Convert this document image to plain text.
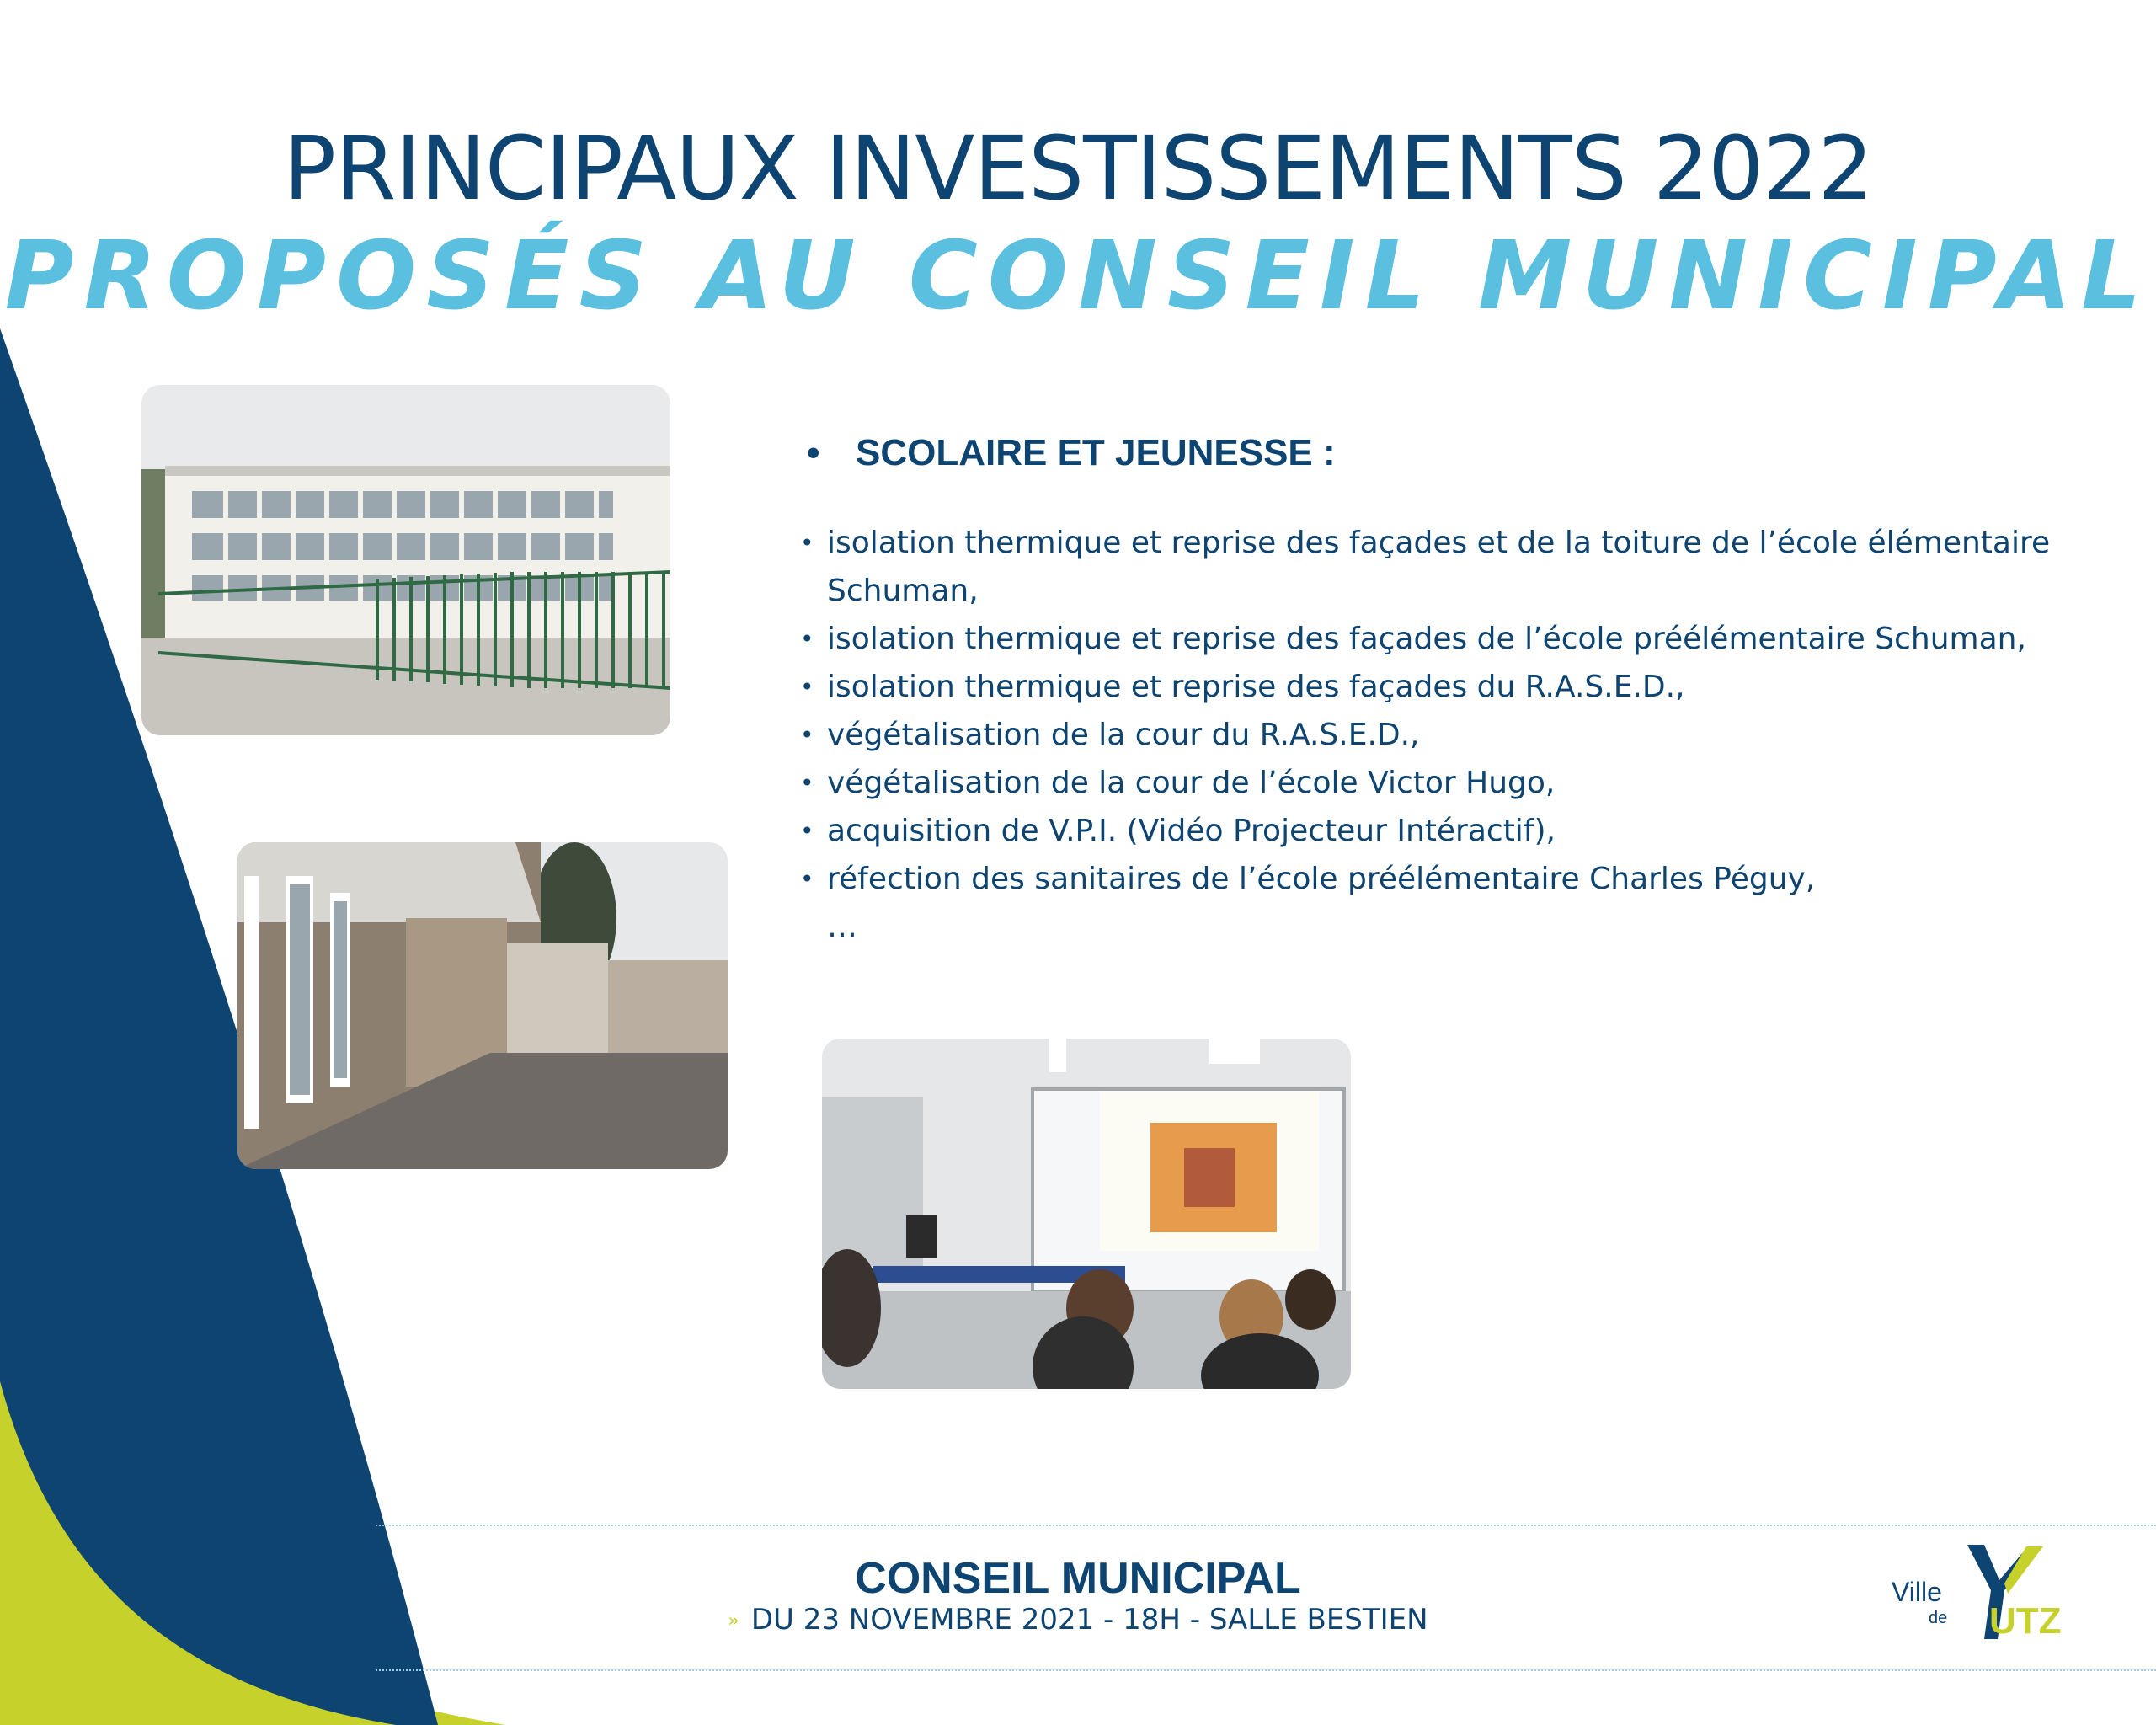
PRINCIPAUX INVESTISSEMENTS 2022
PROPOSÉS AU CONSEIL MUNICIPAL
• SCOLAIRE ET JEUNESSE :
• isolation thermique et reprise des façades et de la toiture de l’école élémentaire Schuman,
• isolation thermique et reprise des façades de l’école préélémentaire Schuman,
• isolation thermique et reprise des façades du R.A.S.E.D.,
• végétalisation de la cour du R.A.S.E.D.,
• végétalisation de la cour de l’école Victor Hugo,
• acquisition de V.P.I. (Vidéo Projecteur Intéractif),
• réfection des sanitaires de l’école préélémentaire Charles Péguy,
…
CONSEIL MUNICIPAL
» DU 23 NOVEMBRE 2021 - 18H - SALLE BESTIEN
Ville
de UTZ
